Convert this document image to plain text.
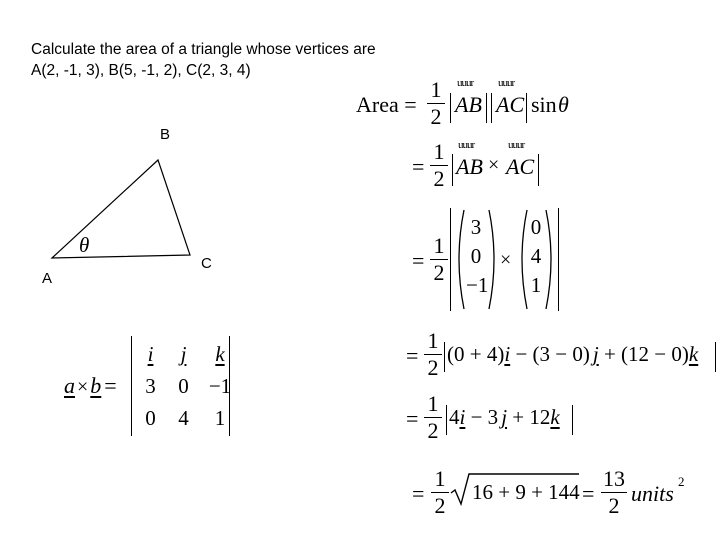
Calculate the area of a triangle whose vertices are
A(2, -1, 3), B(5, -1, 2), C(2, 3, 4)
B
C
A
θ
Area =
1
2
uuur
AB
uuur
AC sin θ
=
1
2
uuur
AB ×
uuur
AC
=
1
2
3
0
−1
×
0
4
1
a ×b =
i	j	k
3	0 −1
0	4	1
=
1
2
(0 + 4)i − (3 − 0) j + (12 − 0)k
=
1
2
4i − 3 j + 12k
=
1
2
16 + 9 + 144 =
13
2 units 2
